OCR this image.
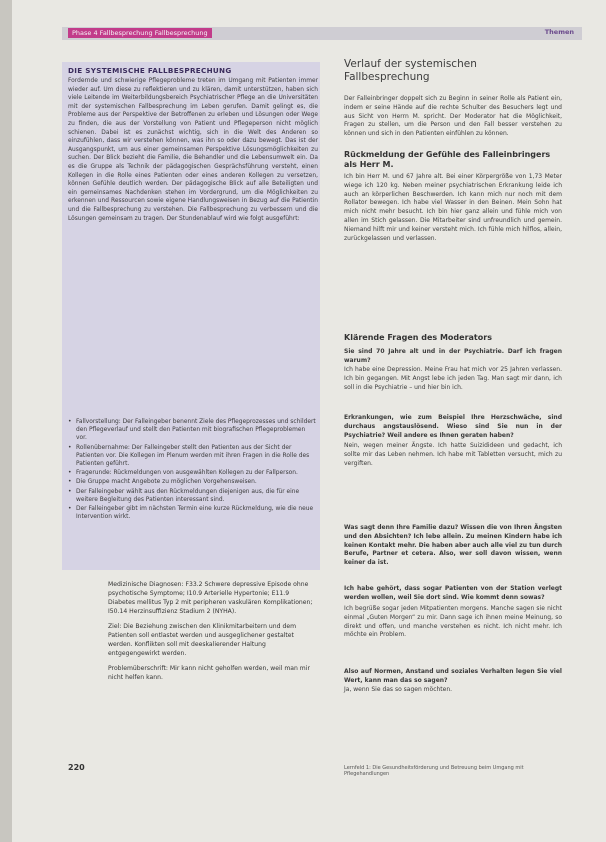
Phase 4 Fallbesprechung Fallbesprechung	Themen
DIE SYSTEMISCHE FALLBESPRECHUNG
Fordernde und schwierige Pflegeprobleme treten im Umgang mit Patienten immer wieder auf. Um diese zu reflektieren und zu klären, damit unterstützen, haben sich viele Leitende im Weiterbildungsbereich Psychiatrischer Pflege an die Universitäten mit der systemischen Fallbesprechung im Leben gerufen. Damit gelingt es, die Probleme aus der Perspektive der Betroffenen zu erleben und Lösungen oder Wege zu finden, die aus der Vorstellung von Patient und Pflegeperson nicht möglich schienen. Dabei ist es zunächst wichtig, sich in die Welt des Anderen so einzufühlen, dass wir verstehen können, was ihn so oder dazu bewegt. Das ist der Ausgangspunkt, um aus einer gemeinsamen Perspektive Lösungsmöglichkeiten zu suchen. Der Blick bezieht die Familie, die Behandler und die Lebensumwelt ein. Da es die Gruppe als Technik der pädagogischen Gesprächsführung versteht, einen Kollegen in die Rolle eines Patienten oder eines anderen Kollegen zu versetzen, können Gefühle deutlich werden. Der pädagogische Blick auf alle Beteiligten und ein gemeinsames Nachdenken stehen im Vordergrund, um die Möglichkeiten zu erkennen und Ressourcen sowie eigene Handlungsweisen in Bezug auf die Patientin und die Fallbesprechung zu verstehen. Die Fallbesprechung zu verbessern und die Lösungen gemeinsam zu tragen. Der Stundenablauf wird wie folgt ausgeführt:
• Fallvorstellung: Der Falleingeber benennt Ziele des Pflegeprozesses und schildert den Pflegeverlauf und stellt den Patienten mit biografischen Pflegeproblemen vor.
• Rollenübernahme: Der Falleingeber stellt den Patienten aus der Sicht der Patienten vor. Die Kollegen im Plenum werden mit ihren Fragen in die Rolle des Patienten geführt.
• Fragerunde: Rückmeldungen von ausgewählten Kollegen zu der Fallperson.
• Die Gruppe macht Angebote zu möglichen Vorgehensweisen.
• Der Falleingeber wählt aus den Rückmeldungen diejenigen aus, die für eine weitere Begleitung des Patienten interessant sind.
• Der Falleingeber gibt im nächsten Termin eine kurze Rückmeldung, wie die neue Intervention wirkt.

Medizinische Diagnosen: F33.2 Schwere depressive Episode ohne psychotische Symptome; I10.9 Arterielle Hypertonie; E11.9 Diabetes mellitus Typ 2 mit peripheren vaskulären Komplikationen; I50.14 Herzinsuffizienz Stadium 2 (NYHA).

Ziel: Die Beziehung zwischen den Klinikmitarbeitern und dem Patienten soll entlastet werden und ausgeglichener gestaltet werden. Konflikten soll mit deeskalierender Haltung entgegengewirkt werden.

Problemüberschrift: Mir kann nicht geholfen werden, weil man mir nicht helfen kann.

Verlauf der systemischen Fallbesprechung

Der Falleinbringer doppelt sich zu Beginn in seiner Rolle als Patient ein, indem er seine Hände auf die rechte Schulter des Besuchers legt und aus Sicht von Herrn M. spricht. Der Moderator hat die Möglichkeit, Fragen zu stellen, um die Person und den Fall besser verstehen zu können und sich in den Patienten einfühlen zu können.

Rückmeldung der Gefühle des Falleinbringers als Herr M.

Ich bin Herr M. und 67 Jahre alt. Bei einer Körpergröße von 1,73 Meter wiege ich 120 kg. Neben meiner psychiatrischen Erkrankung leide ich auch an körperlichen Beschwerden. Ich kann mich nur noch mit dem Rollator bewegen. Ich habe viel Wasser in den Beinen. Mein Sohn hat mich nicht mehr besucht. Ich bin hier ganz allein und fühle mich von allen im Stich gelassen. Die Mitarbeiter sind unfreundlich und gemein. Niemand hilft mir und keiner versteht mich. Ich fühle mich hilflos, allein, zurückgelassen und verlassen.

Klärende Fragen des Moderators

Sie sind 70 Jahre alt und in der Psychiatrie. Darf ich fragen warum?

Ich habe eine Depression. Meine Frau hat mich vor 25 Jahren verlassen. Ich bin gegangen. Mit Angst lebe ich jeden Tag. Man sagt mir dann, ich soll in die Psychiatrie – und hier bin ich.

Erkrankungen, wie zum Beispiel Ihre Herzschwäche, sind durchaus angstauslösend. Wieso sind Sie nun in der Psychiatrie? Weil andere es Ihnen geraten haben?

Nein, wegen meiner Ängste. Ich hatte Suizidideen und gedacht, ich sollte mir das Leben nehmen. Ich habe mit Tabletten versucht, mich zu vergiften.

Was sagt denn Ihre Familie dazu? Wissen die von Ihren Ängsten und den Absichten? Ich lebe allein. Zu meinen Kindern habe ich keinen Kontakt mehr. Die haben aber auch alle viel zu tun durch Berufe, Partner et cetera. Also, wer soll davon wissen, wenn keiner da ist.

Ich habe gehört, dass sogar Patienten von der Station verlegt werden wollen, weil Sie dort sind. Wie kommt denn sowas?

Ich begrüße sogar jeden Mitpatienten morgens. Manche sagen sie nicht einmal „Guten Morgen“ zu mir. Dann sage ich ihnen meine Meinung, so direkt und offen, und manche verstehen es nicht. Ich nicht mehr. Ich möchte ein Problem.

Also auf Normen, Anstand und soziales Verhalten legen Sie viel Wert, kann man das so sagen?

Ja, wenn Sie das so sagen möchten.

220	Lernfeld 1: Die Gesundheitsförderung und Betreuung beim Umgang mit Pflegehandlungen
